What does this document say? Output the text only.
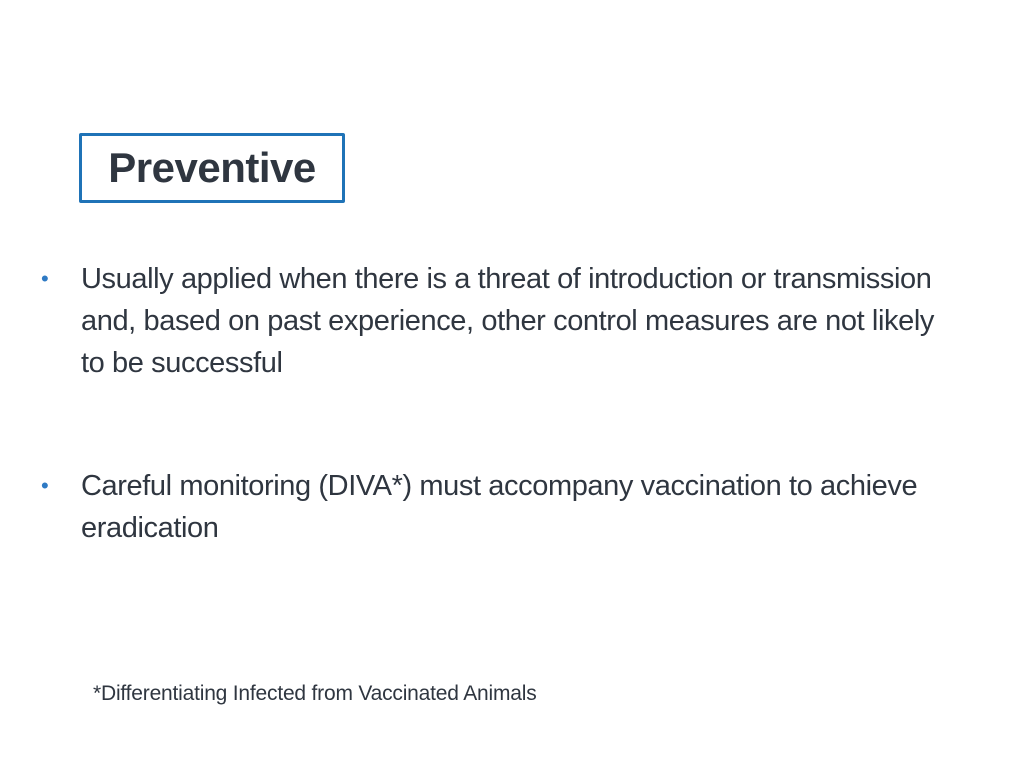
Preventive
•	Usually applied when there is a threat of introduction or transmission and, based on past experience, other control measures are not likely to be successful
•	Careful monitoring (DIVA*) must accompany vaccination to achieve eradication
*Differentiating Infected from Vaccinated Animals
